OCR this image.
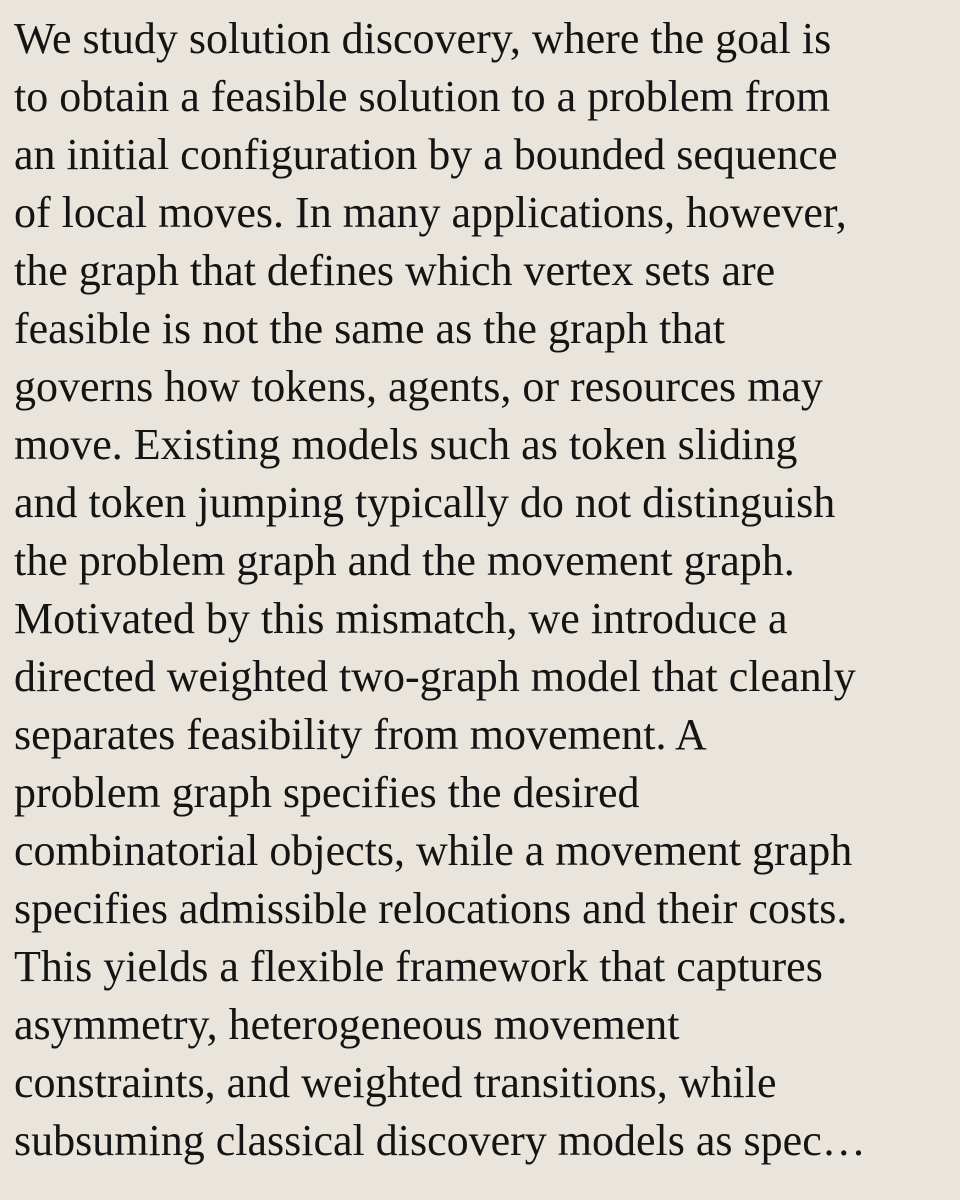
We study solution discovery, where the goal is
to obtain a feasible solution to a problem from
an initial configuration by a bounded sequence
of local moves. In many applications, however,
the graph that defines which vertex sets are
feasible is not the same as the graph that
governs how tokens, agents, or resources may
move. Existing models such as token sliding
and token jumping typically do not distinguish
the problem graph and the movement graph.
Motivated by this mismatch, we introduce a
directed weighted two-graph model that cleanly
separates feasibility from movement. A
problem graph specifies the desired
combinatorial objects, while a movement graph
specifies admissible relocations and their costs.
This yields a flexible framework that captures
asymmetry, heterogeneous movement
constraints, and weighted transitions, while
subsuming classical discovery models as spec…
